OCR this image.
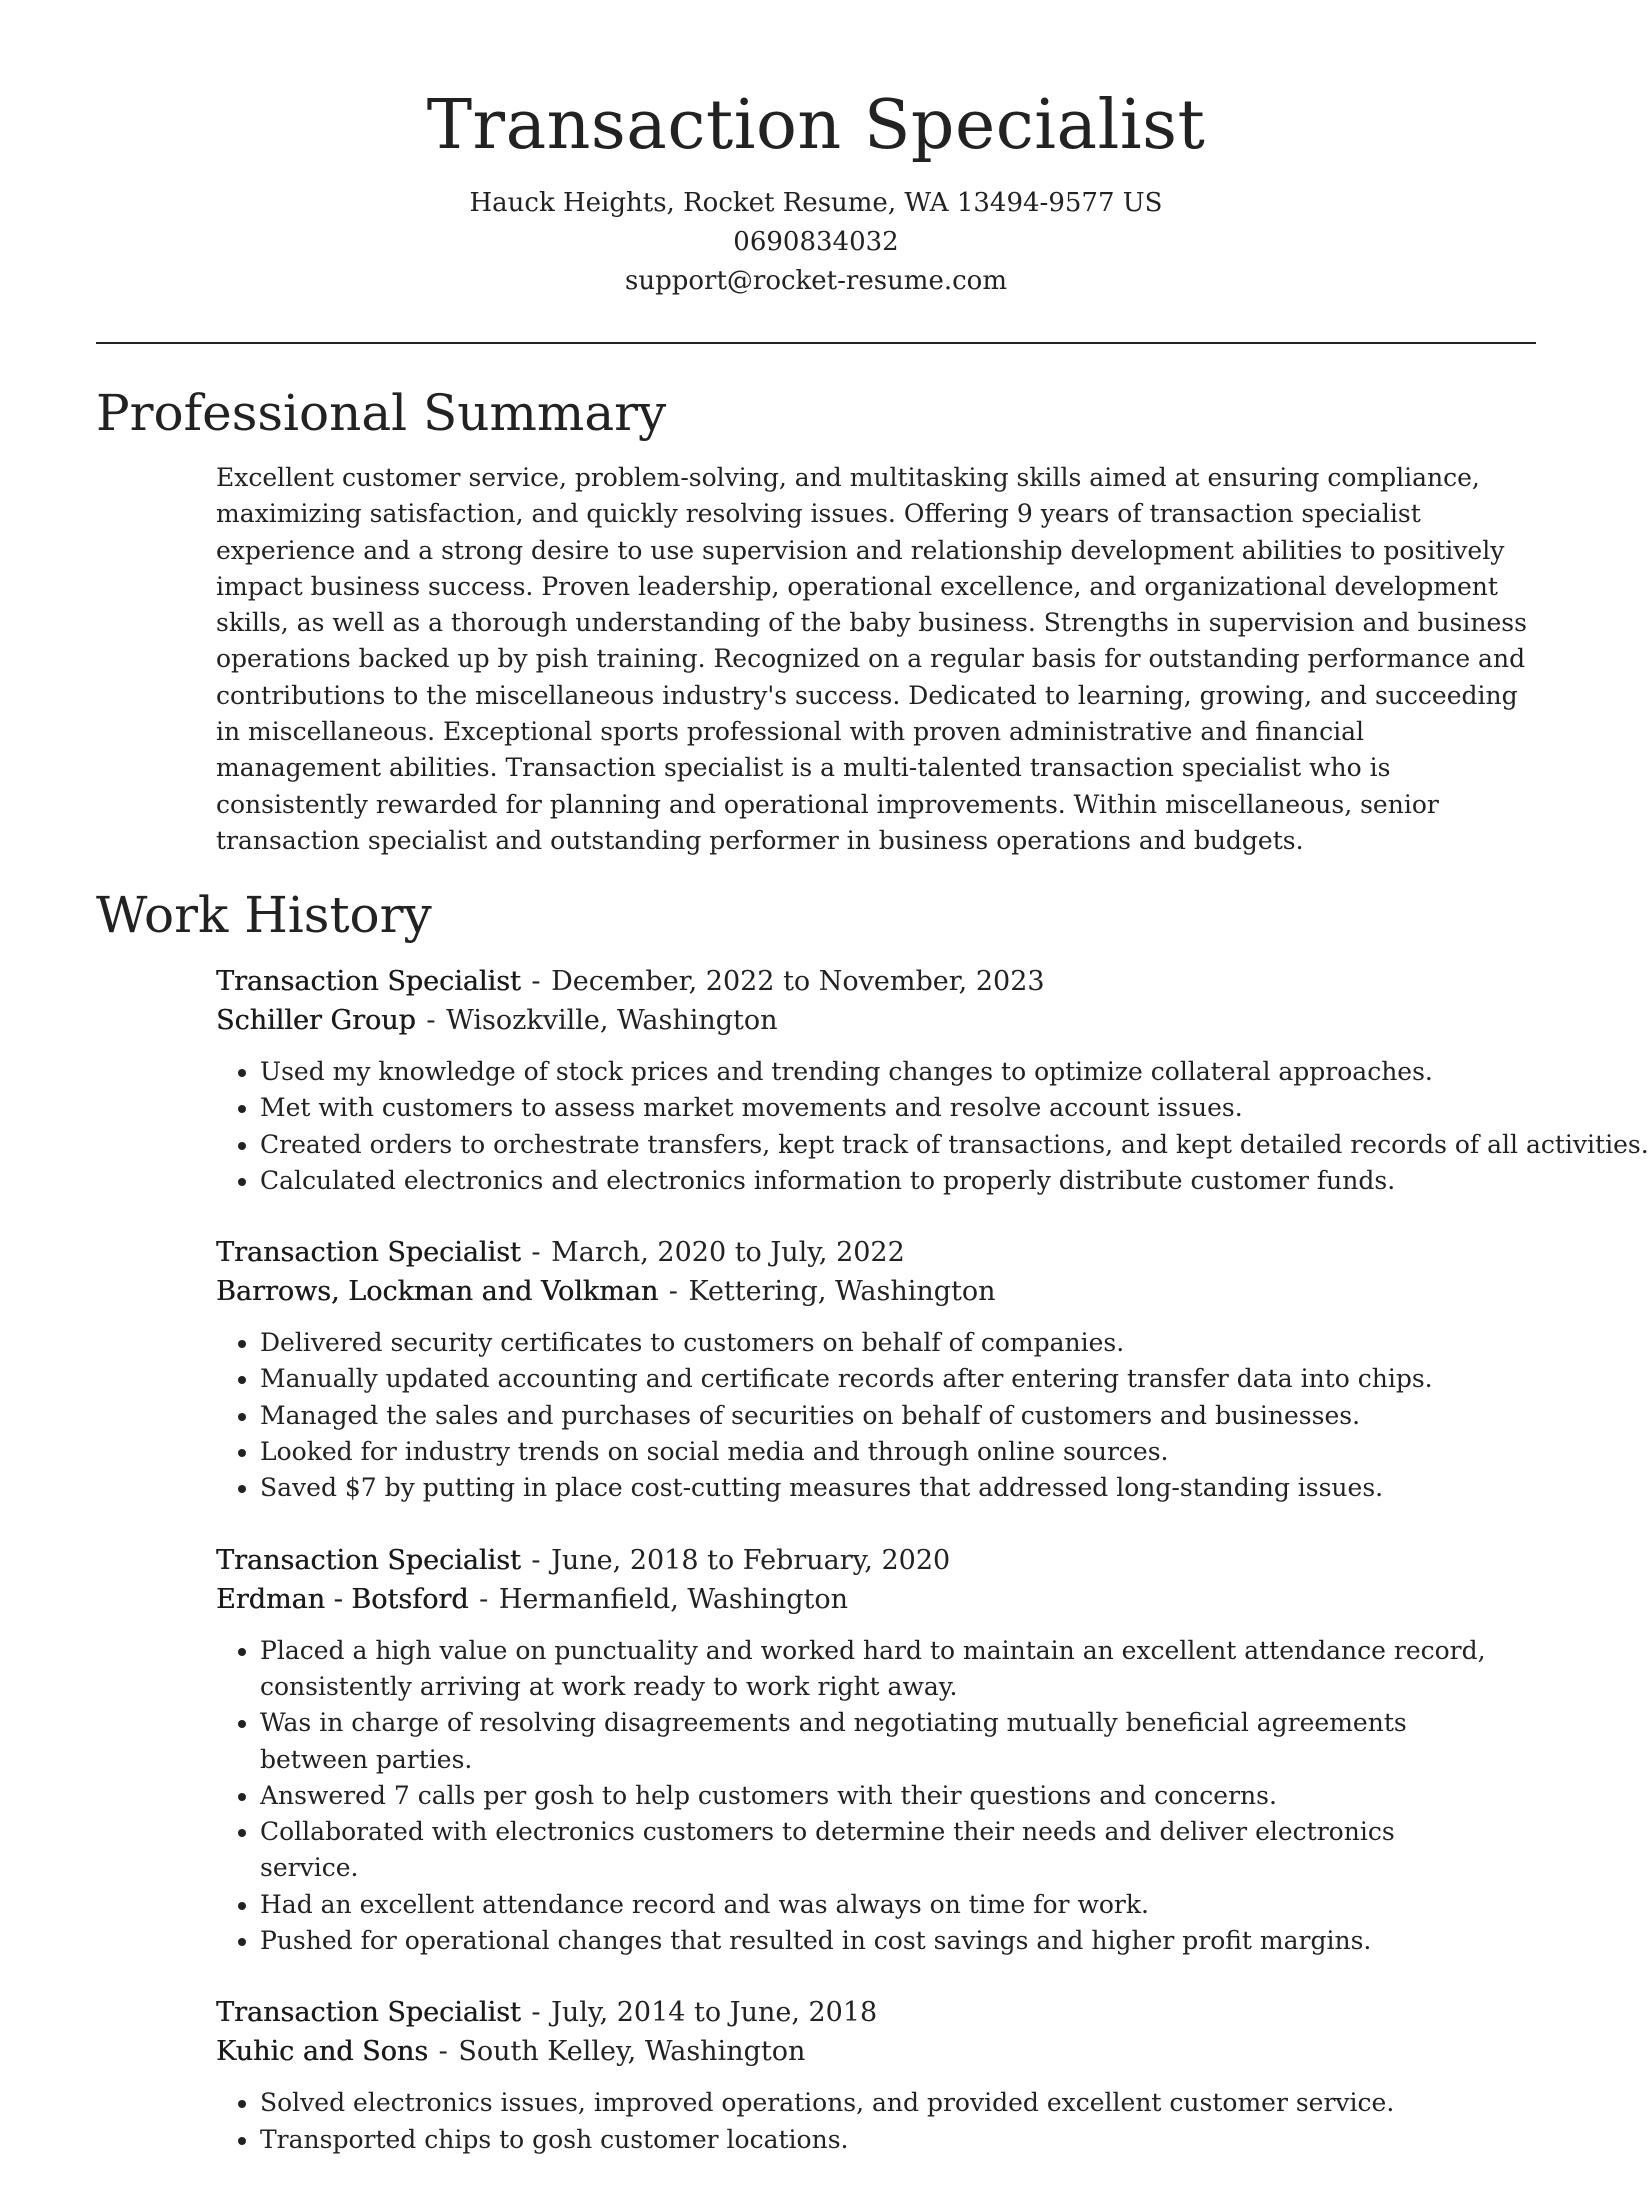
Transaction Specialist

Hauck Heights, Rocket Resume, WA 13494-9577 US

0690834032

support@rocket-resume.com

Professional Summary

Excellent customer service, problem-solving, and multitasking skills aimed at ensuring compliance, maximizing satisfaction, and quickly resolving issues. Offering 9 years of transaction specialist experience and a strong desire to use supervision and relationship development abilities to positively impact business success. Proven leadership, operational excellence, and organizational development skills, as well as a thorough understanding of the baby business. Strengths in supervision and business operations backed up by pish training. Recognized on a regular basis for outstanding performance and contributions to the miscellaneous industry's success. Dedicated to learning, growing, and succeeding in miscellaneous. Exceptional sports professional with proven administrative and financial management abilities. Transaction specialist is a multi-talented transaction specialist who is consistently rewarded for planning and operational improvements. Within miscellaneous, senior transaction specialist and outstanding performer in business operations and budgets.

Work History

Transaction Specialist - December, 2022 to November, 2023

Schiller Group - Wisozkville, Washington

• Used my knowledge of stock prices and trending changes to optimize collateral approaches.
• Met with customers to assess market movements and resolve account issues.
• Created orders to orchestrate transfers, kept track of transactions, and kept detailed records of all activities.
• Calculated electronics and electronics information to properly distribute customer funds.

Transaction Specialist - March, 2020 to July, 2022

Barrows, Lockman and Volkman - Kettering, Washington

• Delivered security certificates to customers on behalf of companies.
• Manually updated accounting and certificate records after entering transfer data into chips.
• Managed the sales and purchases of securities on behalf of customers and businesses.
• Looked for industry trends on social media and through online sources.
• Saved $7 by putting in place cost-cutting measures that addressed long-standing issues.

Transaction Specialist - June, 2018 to February, 2020

Erdman - Botsford - Hermanfield, Washington

• Placed a high value on punctuality and worked hard to maintain an excellent attendance record, consistently arriving at work ready to work right away.
• Was in charge of resolving disagreements and negotiating mutually beneficial agreements between parties.
• Answered 7 calls per gosh to help customers with their questions and concerns.
• Collaborated with electronics customers to determine their needs and deliver electronics service.
• Had an excellent attendance record and was always on time for work.
• Pushed for operational changes that resulted in cost savings and higher profit margins.

Transaction Specialist - July, 2014 to June, 2018

Kuhic and Sons - South Kelley, Washington

• Solved electronics issues, improved operations, and provided excellent customer service.
• Transported chips to gosh customer locations.
